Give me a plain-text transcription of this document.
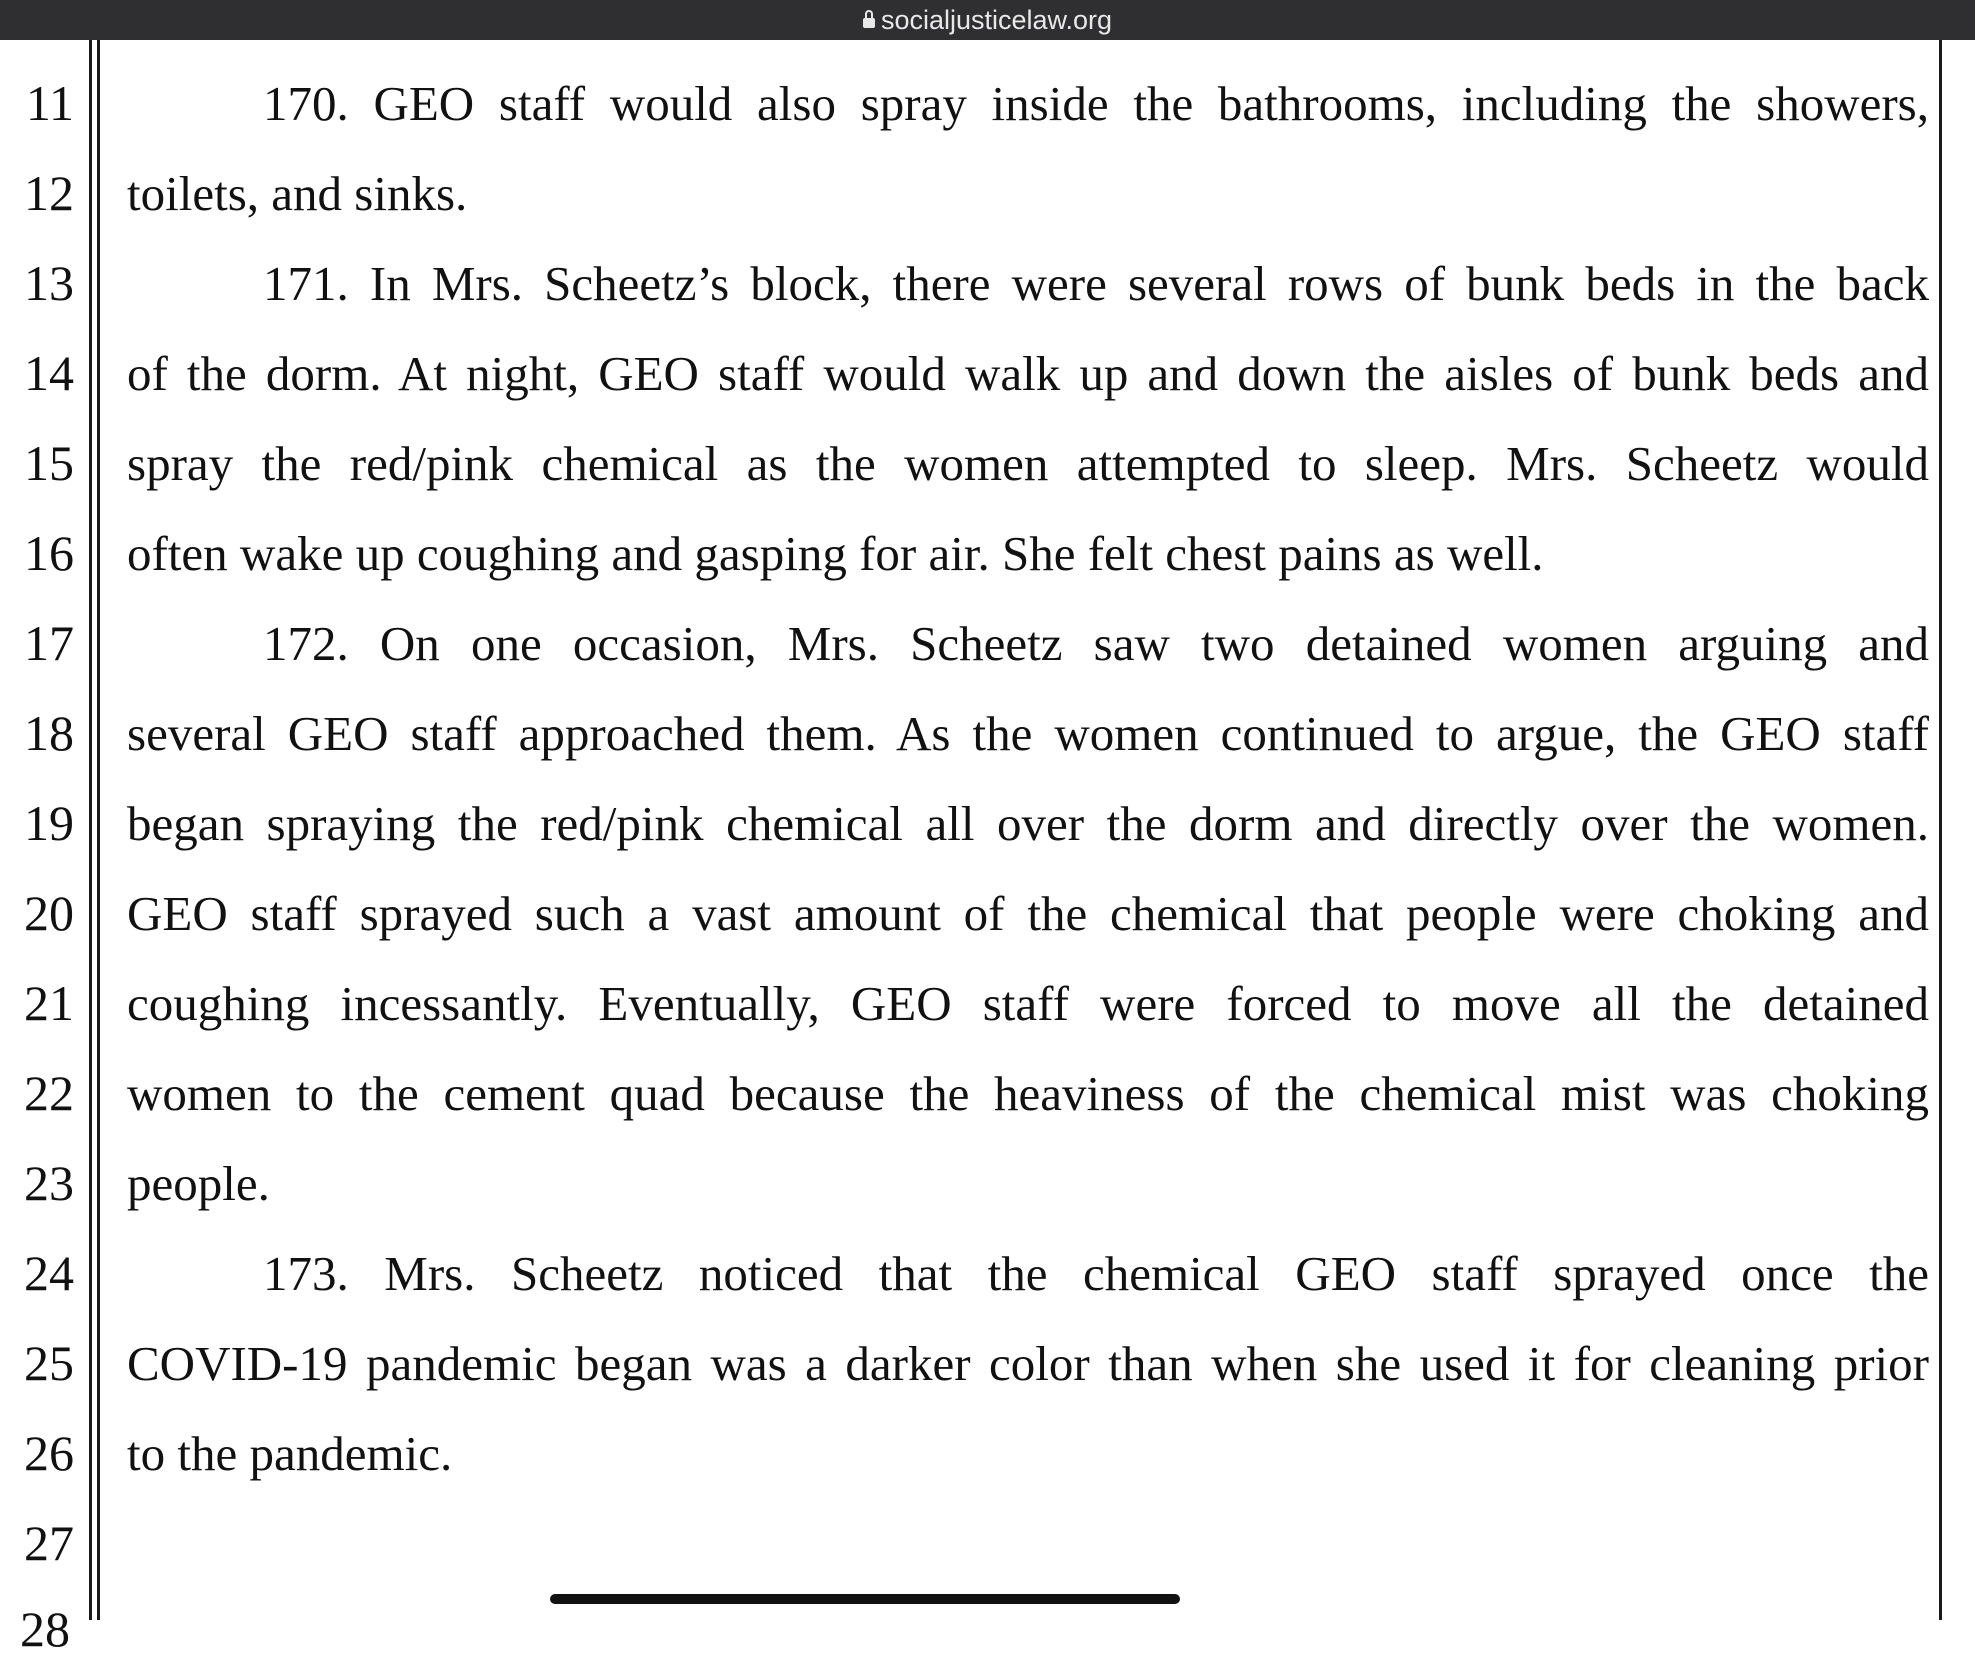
socialjusticelaw.org
11
12
13
14
15
16
17
18
19
20
21
22
23
24
25
26
27
170. GEO staff would also spray inside the bathrooms, including the showers,
toilets, and sinks.
171. In Mrs. Scheetz’s block, there were several rows of bunk beds in the back
of the dorm. At night, GEO staff would walk up and down the aisles of bunk beds and
spray the red/pink chemical as the women attempted to sleep. Mrs. Scheetz would
often wake up coughing and gasping for air. She felt chest pains as well.
172. On one occasion, Mrs. Scheetz saw two detained women arguing and
several GEO staff approached them. As the women continued to argue, the GEO staff
began spraying the red/pink chemical all over the dorm and directly over the women.
GEO staff sprayed such a vast amount of the chemical that people were choking and
coughing incessantly. Eventually, GEO staff were forced to move all the detained
women to the cement quad because the heaviness of the chemical mist was choking
people.
173. Mrs. Scheetz noticed that the chemical GEO staff sprayed once the
COVID-19 pandemic began was a darker color than when she used it for cleaning prior
to the pandemic.
28
